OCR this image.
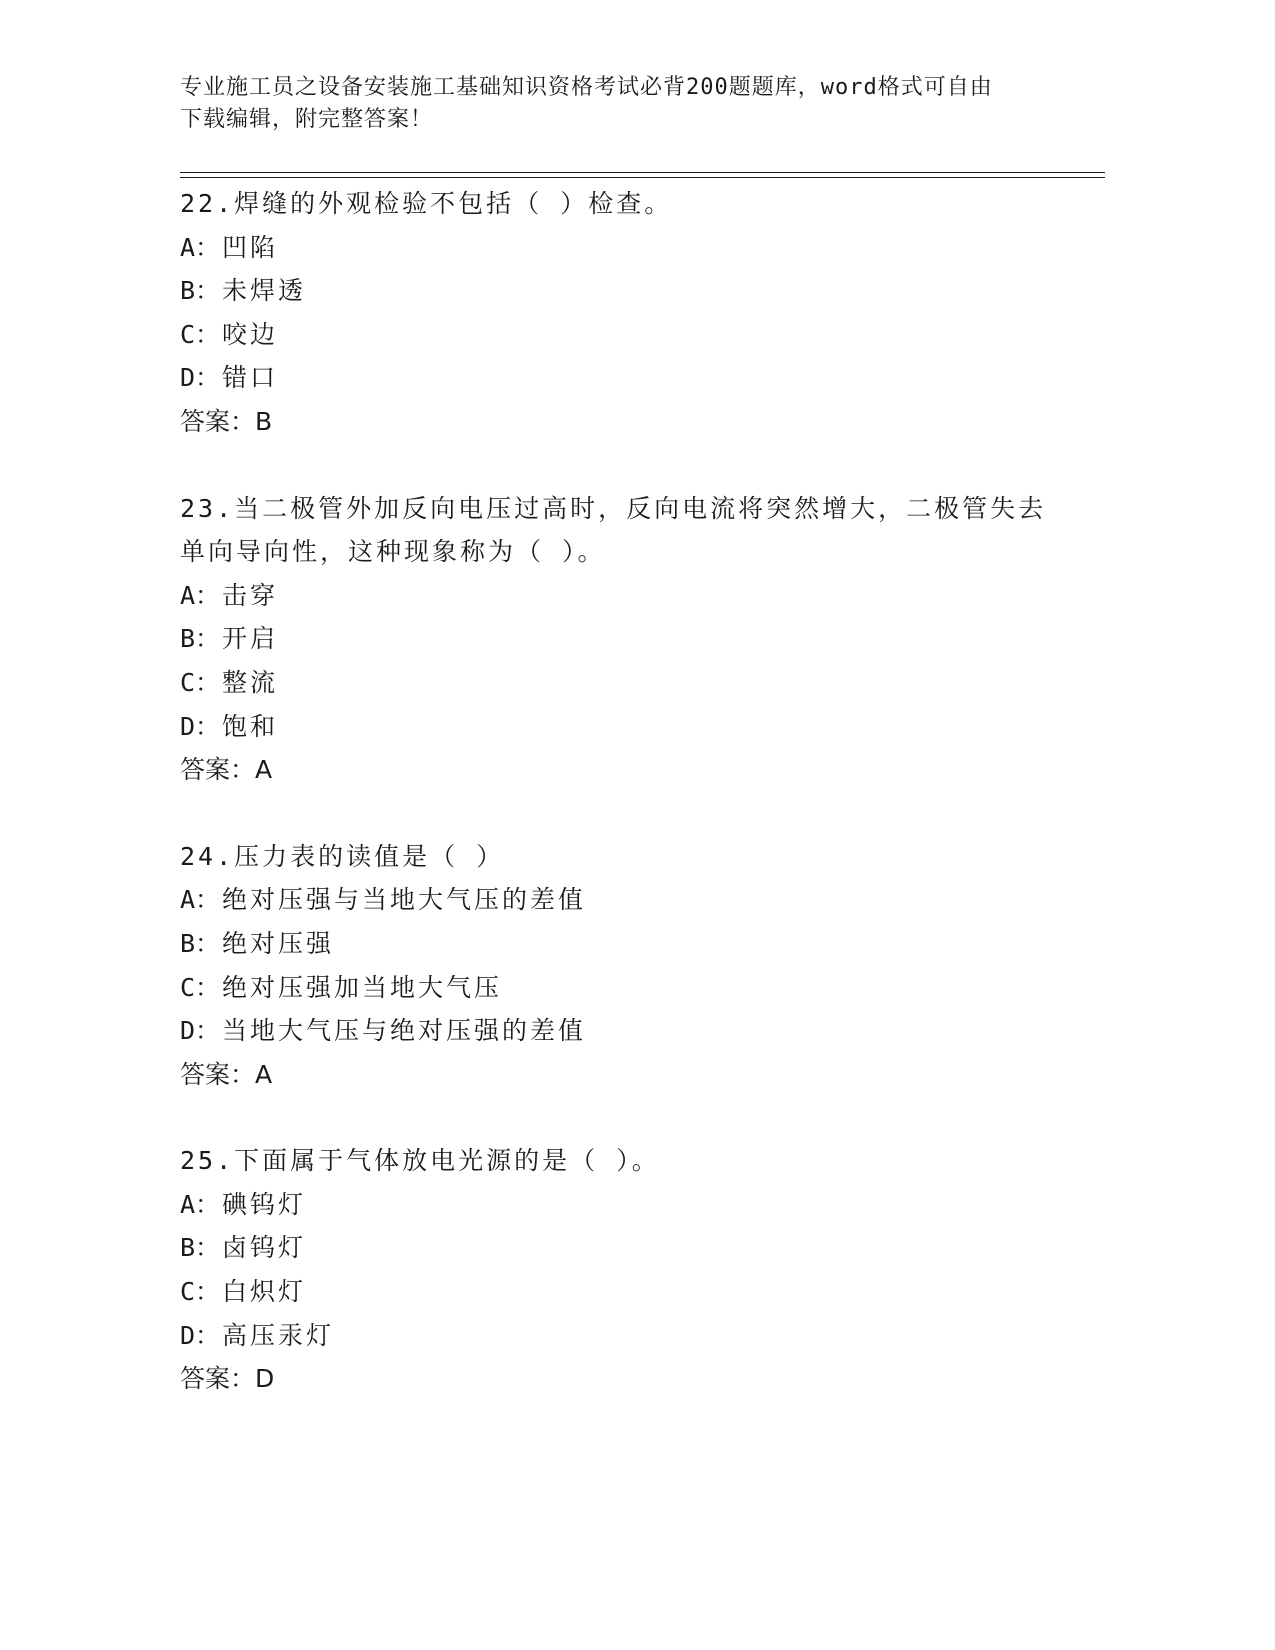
专业施工员之设备安装施工基础知识资格考试必背200题题库，word格式可自由
下载编辑，附完整答案！
22.焊缝的外观检验不包括（ ）检查。
A：凹陷
B：未焊透
C：咬边
D：错口
答案：B
23.当二极管外加反向电压过高时，反向电流将突然增大，二极管失去
单向导向性，这种现象称为（ ）。
A：击穿
B：开启
C：整流
D：饱和
答案：A
24.压力表的读值是（ ）
A：绝对压强与当地大气压的差值
B：绝对压强
C：绝对压强加当地大气压
D：当地大气压与绝对压强的差值
答案：A
25.下面属于气体放电光源的是（ ）。
A：碘钨灯
B：卤钨灯
C：白炽灯
D：高压汞灯
答案：D
